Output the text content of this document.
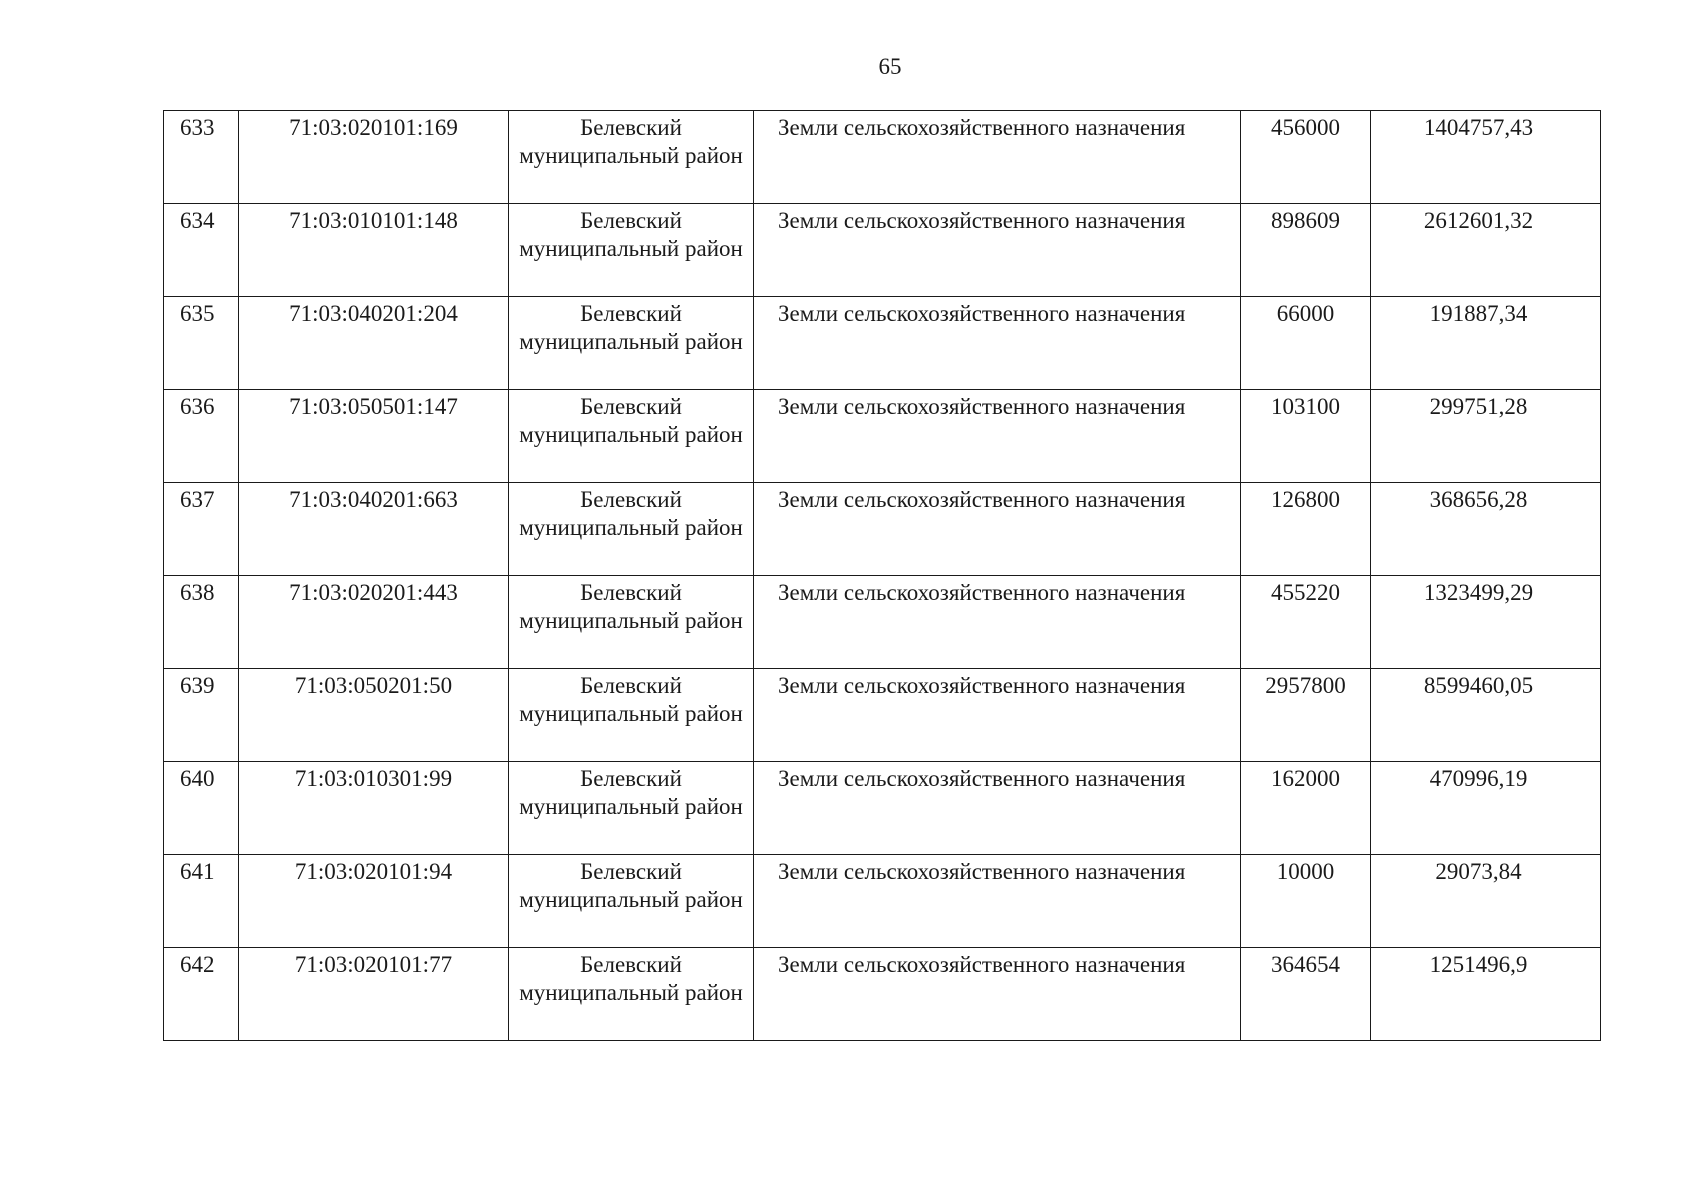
65
633	71:03:020101:169	Белевский муниципальный район	Земли сельскохозяйственного назначения	456000	1404757,43
634	71:03:010101:148	Белевский муниципальный район	Земли сельскохозяйственного назначения	898609	2612601,32
635	71:03:040201:204	Белевский муниципальный район	Земли сельскохозяйственного назначения	66000	191887,34
636	71:03:050501:147	Белевский муниципальный район	Земли сельскохозяйственного назначения	103100	299751,28
637	71:03:040201:663	Белевский муниципальный район	Земли сельскохозяйственного назначения	126800	368656,28
638	71:03:020201:443	Белевский муниципальный район	Земли сельскохозяйственного назначения	455220	1323499,29
639	71:03:050201:50	Белевский муниципальный район	Земли сельскохозяйственного назначения	2957800	8599460,05
640	71:03:010301:99	Белевский муниципальный район	Земли сельскохозяйственного назначения	162000	470996,19
641	71:03:020101:94	Белевский муниципальный район	Земли сельскохозяйственного назначения	10000	29073,84
642	71:03:020101:77	Белевский муниципальный район	Земли сельскохозяйственного назначения	364654	1251496,9
